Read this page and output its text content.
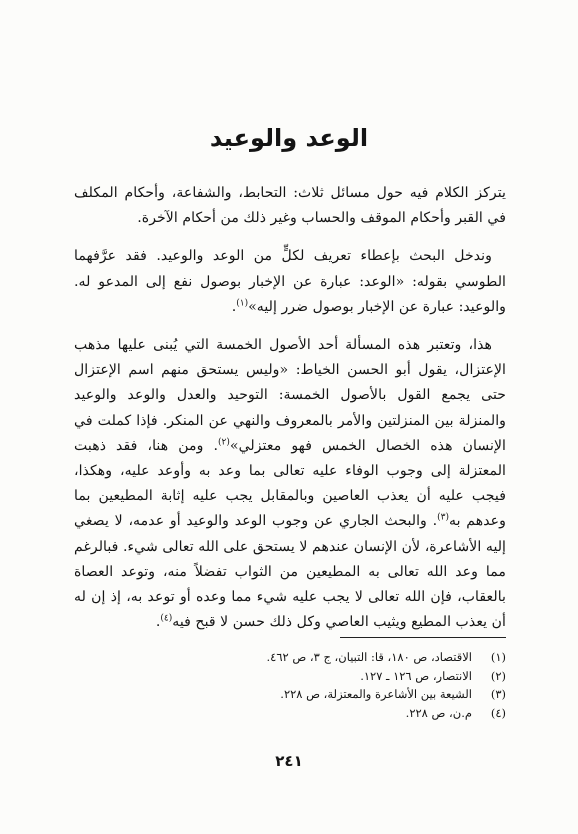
الوعد والوعيد

يتركز الكلام فيه حول مسائل ثلاث: التحابط، والشفاعة، وأحكام المكلف في القبر وأحكام الموقف والحساب وغير ذلك من أحكام الآخرة.

وندخل البحث بإعطاء تعريف لكلٍّ من الوعد والوعيد. فقد عرَّفهما الطوسي بقوله: «الوعد: عبارة عن الإخبار بوصول نفع إلى المدعو له. والوعيد: عبارة عن الإخبار بوصول ضرر إليه»$^{(١)}$.

هذا، وتعتبر هذه المسألة أحد الأصول الخمسة التي يُبنى عليها مذهب الإعتزال، يقول أبو الحسن الخياط: «وليس يستحق منهم اسم الإعتزال حتى يجمع القول بالأصول الخمسة: التوحيد والعدل والوعد والوعيد والمنزلة بين المنزلتين والأمر بالمعروف والنهي عن المنكر. فإذا كملت في الإنسان هذه الخصال الخمس فهو معتزلي»$^{(٢)}$. ومن هنا، فقد ذهبت المعتزلة إلى وجوب الوفاء عليه تعالى بما وعد به وأوعد عليه، وهكذا، فيجب عليه أن يعذب العاصين وبالمقابل يجب عليه إثابة المطيعين بما وعدهم به$^{(٣)}$. والبحث الجاري عن وجوب الوعد والوعيد أو عدمه، لا يصغي إليه الأشاعرة، لأن الإنسان عندهم لا يستحق على الله تعالى شيء. فبالرغم مما وعد الله تعالى به المطيعين من الثواب تفضلاً منه، وتوعد العصاة بالعقاب، فإن الله تعالى لا يجب عليه شيء مما وعده أو توعد به، إذ إن له أن يعذب المطيع ويثيب العاصي وكل ذلك حسن لا قبح فيه$^{(٤)}$.

(١)
الاقتصاد، ص ١٨٠، قا: التبيان، ج ٣، ص ٤٦٢.
(٢)
الانتصار، ص ١٢٦ ـ ١٢٧.
(٣)
الشيعة بين الأشاعرة والمعتزلة، ص ٢٢٨.
(٤)
م.ن، ص ٢٢٨.
٢٤١
